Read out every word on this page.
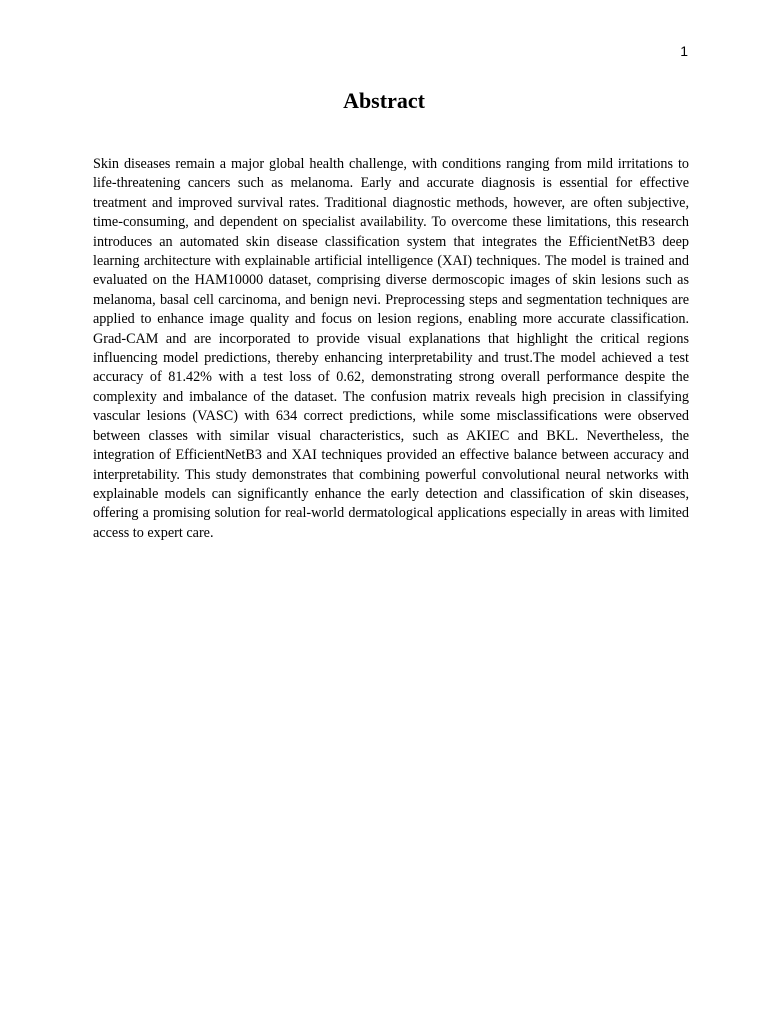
1
Abstract

Skin diseases remain a major global health challenge, with conditions ranging from mild irritations to life-threatening cancers such as melanoma. Early and accurate diagnosis is essential for effective treatment and improved survival rates. Traditional diagnostic methods, however, are often subjective, time-consuming, and dependent on specialist availability. To overcome these limitations, this research introduces an automated skin disease classification system that integrates the EfficientNetB3 deep learning architecture with explainable artificial intelligence (XAI) techniques. The model is trained and evaluated on the HAM10000 dataset, comprising diverse dermoscopic images of skin lesions such as melanoma, basal cell carcinoma, and benign nevi. Preprocessing steps and segmentation techniques are applied to enhance image quality and focus on lesion regions, enabling more accurate classification. Grad-CAM and are incorporated to provide visual explanations that highlight the critical regions influencing model predictions, thereby enhancing interpretability and trust.The model achieved a test accuracy of 81.42% with a test loss of 0.62, demonstrating strong overall performance despite the complexity and imbalance of the dataset. The confusion matrix reveals high precision in classifying vascular lesions (VASC) with 634 correct predictions, while some misclassifications were observed between classes with similar visual characteristics, such as AKIEC and BKL. Nevertheless, the integration of EfficientNetB3 and XAI techniques provided an effective balance between accuracy and interpretability. This study demonstrates that combining powerful convolutional neural networks with explainable models can significantly enhance the early detection and classification of skin diseases, offering a promising solution for real-world dermatological applications especially in areas with limited access to expert care.
